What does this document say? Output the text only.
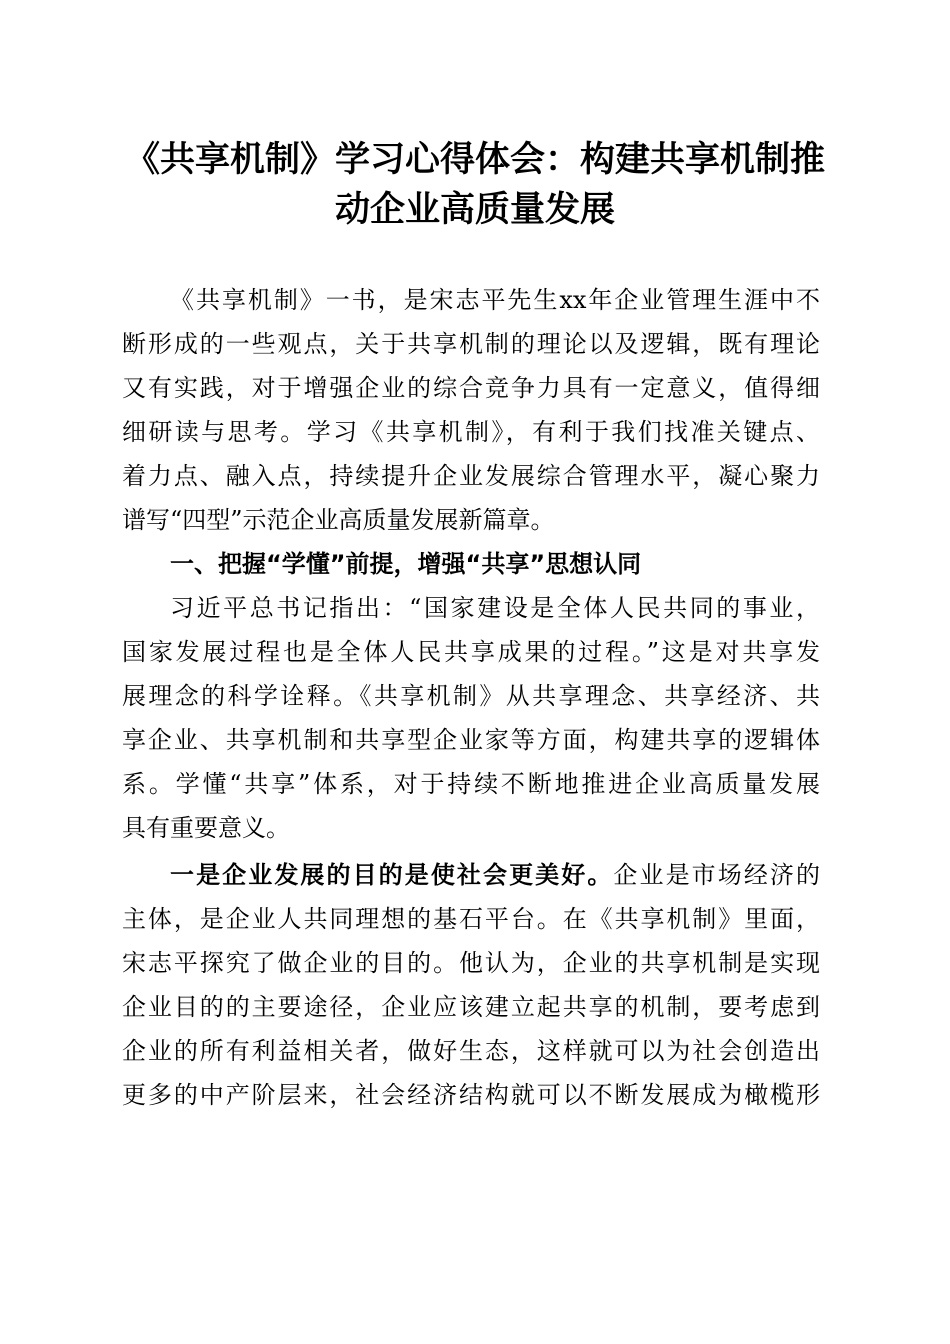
《共享机制》学习心得体会：构建共享机制推
动企业高质量发展
《共享机制》一书，是宋志平先生xx年企业管理生涯中不
断形成的一些观点，关于共享机制的理论以及逻辑，既有理论
又有实践，对于增强企业的综合竞争力具有一定意义，值得细
细研读与思考。学习《共享机制》，有利于我们找准关键点、
着力点、融入点，持续提升企业发展综合管理水平，凝心聚力
谱写“四型”示范企业高质量发展新篇章。
一、把握“学懂”前提，增强“共享”思想认同
习近平总书记指出：“国家建设是全体人民共同的事业，
国家发展过程也是全体人民共享成果的过程。”这是对共享发
展理念的科学诠释。《共享机制》从共享理念、共享经济、共
享企业、共享机制和共享型企业家等方面，构建共享的逻辑体
系。学懂“共享”体系，对于持续不断地推进企业高质量发展
具有重要意义。
一是企业发展的目的是使社会更美好。企业是市场经济的
主体，是企业人共同理想的基石平台。在《共享机制》里面，
宋志平探究了做企业的目的。他认为，企业的共享机制是实现
企业目的的主要途径，企业应该建立起共享的机制，要考虑到
企业的所有利益相关者，做好生态，这样就可以为社会创造出
更多的中产阶层来，社会经济结构就可以不断发展成为橄榄形
